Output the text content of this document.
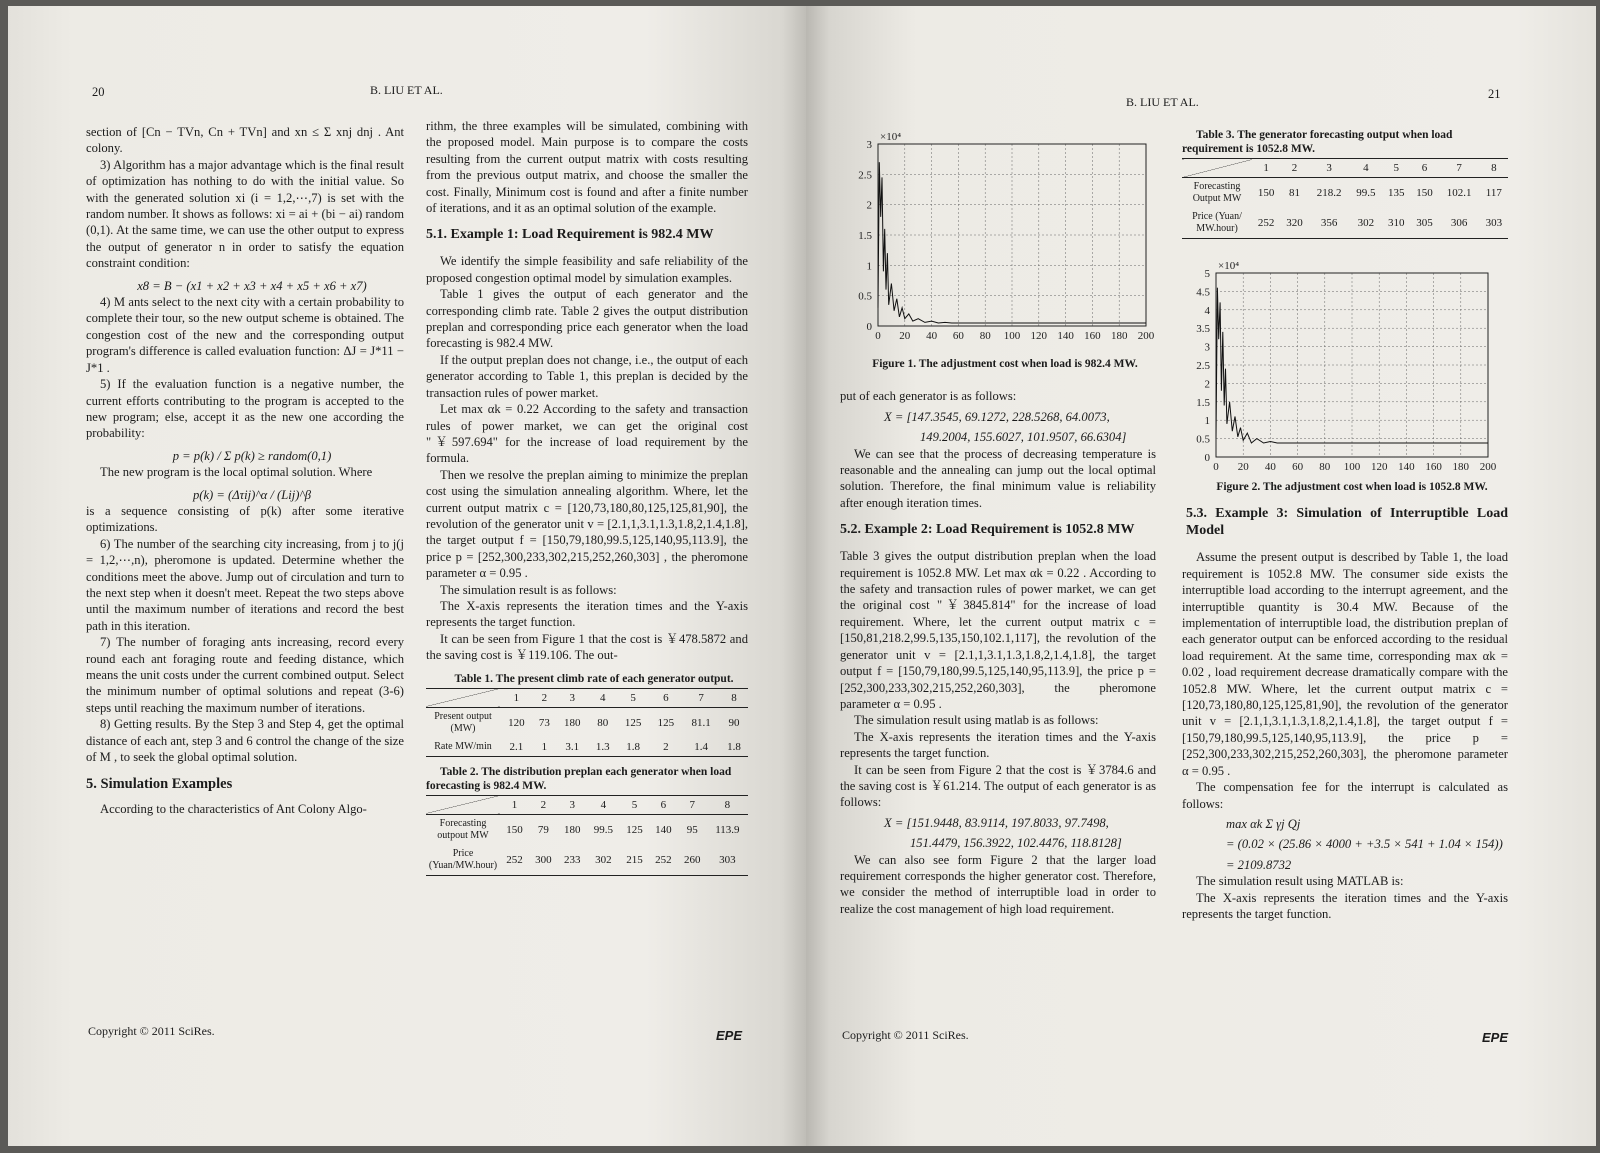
20	B. LIU ET AL.

section of [Cn − TVn, Cn + TVn] and xn ≤ Σ xnj dnj . Ant colony.

3) Algorithm has a major advantage which is the final result of optimization has nothing to do with the initial value. So with the generated solution xi (i = 1,2,⋯,7) is set with the random number. It shows as follows: xi = ai + (bi − ai) random (0,1). At the same time, we can use the other output to express the output of generator n in order to satisfy the equation constraint condition:

x8 = B − (x1 + x2 + x3 + x4 + x5 + x6 + x7)

4) M ants select to the next city with a certain probability to complete their tour, so the new output scheme is obtained. The congestion cost of the new and the corresponding output program's difference is called evaluation function: ΔJ = J*11 − J*1 .

5) If the evaluation function is a negative number, the current efforts contributing to the program is accepted to the new program; else, accept it as the new one according the probability:

p = p(k) / Σ p(k) ≥ random(0,1)

The new program is the local optimal solution. Where

p(k) = (Δτij)^α / (Lij)^β

is a sequence consisting of p(k) after some iterative optimizations.

6) The number of the searching city increasing, from j to j(j = 1,2,⋯,n), pheromone is updated. Determine whether the conditions meet the above. Jump out of circulation and turn to the next step when it doesn't meet. Repeat the two steps above until the maximum number of iterations and record the best path in this iteration.

7) The number of foraging ants increasing, record every round each ant foraging route and feeding distance, which means the unit costs under the current combined output. Select the minimum number of optimal solutions and repeat (3-6) steps until reaching the maximum number of iterations.

8) Getting results. By the Step 3 and Step 4, get the optimal distance of each ant, step 3 and 6 control the change of the size of M , to seek the global optimal solution.

5. Simulation Examples

According to the characteristics of Ant Colony Algo-

rithm, the three examples will be simulated, combining with the proposed model. Main purpose is to compare the costs resulting from the current output matrix with costs resulting from the previous output matrix, and choose the smaller the cost. Finally, Minimum cost is found and after a finite number of iterations, and it as an optimal solution of the example.

5.1. Example 1: Load Requirement is 982.4 MW

We identify the simple feasibility and safe reliability of the proposed congestion optimal model by simulation examples.

Table 1 gives the output of each generator and the corresponding climb rate. Table 2 gives the output distribution preplan and corresponding price each generator when the load forecasting is 982.4 MW.

If the output preplan does not change, i.e., the output of each generator according to Table 1, this preplan is decided by the transaction rules of power market.

Let max αk = 0.22 According to the safety and transaction rules of power market, we can get the original cost "￥597.694" for the increase of load requirement by the formula.

Then we resolve the preplan aiming to minimize the preplan cost using the simulation annealing algorithm. Where, let the current output matrix c = [120,73,180,80,125,125,81,90], the revolution of the generator unit v = [2.1,1,3.1,1.3,1.8,2,1.4,1.8], the target output f = [150,79,180,99.5,125,140,95,113.9], the price p = [252,300,233,302,215,252,260,303] , the pheromone parameter α = 0.95 .

The simulation result is as follows:

The X-axis represents the iteration times and the Y-axis represents the target function.

It can be seen from Figure 1 that the cost is ￥478.5872 and the saving cost is ￥119.106. The out-

Table 1. The present climb rate of each generator output.

	1	2	3	4	5	6	7	8
Present output (MW)	120	73	180	80	125	125	81.1	90
Rate MW/min	2.1	1	3.1	1.3	1.8	2	1.4	1.8

Table 2. The distribution preplan each generator when load forecasting is 982.4 MW.

	1	2	3	4	5	6	7	8
Forecasting outpout MW	150	79	180	99.5	125	140	95	113.9
Price (Yuan/MW.hour)	252	300	233	302	215	252	260	303
Copyright © 2011 SciRes.	EPE
B. LIU ET AL.
21
0 20 40 60 80 100 120 140 160 180 200
0
0.5
1
1.5
2
2.5
3
×10⁴

Figure 1. The adjustment cost when load is 982.4 MW.

put of each generator is as follows:

X = [147.3545, 69.1272, 228.5268, 64.0073,

149.2004, 155.6027, 101.9507, 66.6304]

We can see that the process of decreasing temperature is reasonable and the annealing can jump out the local optimal solution. Therefore, the final minimum value is reliability after enough iteration times.

5.2. Example 2: Load Requirement is 1052.8 MW

Table 3 gives the output distribution preplan when the load requirement is 1052.8 MW. Let max αk = 0.22 . According to the safety and transaction rules of power market, we can get the original cost "￥3845.814" for the increase of load requirement. Where, let the current output matrix c = [150,81,218.2,99.5,135,150,102.1,117], the revolution of the generator unit v = [2.1,1,3.1,1.3,1.8,2,1.4,1.8], the target output f = [150,79,180,99.5,125,140,95,113.9], the price p = [252,300,233,302,215,252,260,303], the pheromone parameter α = 0.95 .

The simulation result using matlab is as follows:

The X-axis represents the iteration times and the Y-axis represents the target function.

It can be seen from Figure 2 that the cost is ￥3784.6 and the saving cost is ￥61.214. The output of each generator is as follows:

X = [151.9448, 83.9114, 197.8033, 97.7498,

151.4479, 156.3922, 102.4476, 118.8128]

We can also see form Figure 2 that the larger load requirement corresponds the higher generator cost. Therefore, we consider the method of interruptible load in order to realize the cost management of high load requirement.

Table 3. The generator forecasting output when load requirement is 1052.8 MW.

	1	2	3	4	5	6	7	8
Forecasting Output MW	150	81	218.2	99.5	135	150	102.1	117
Price (Yuan/ MW.hour)	252	320	356	302	310	305	306	303
0 20 40 60 80 100 120 140 160 180 200
0
0.5
1
1.5
2
2.5
3
3.5
4
4.5
5
×10⁴

Figure 2. The adjustment cost when load is 1052.8 MW.

5.3. Example 3: Simulation of Interruptible Load Model

Assume the present output is described by Table 1, the load requirement is 1052.8 MW. The consumer side exists the interruptible load according to the interrupt agreement, and the interruptible quantity is 30.4 MW. Because of the implementation of interruptible load, the distribution preplan of each generator output can be enforced according to the residual load requirement. At the same time, corresponding max αk = 0.02 , load requirement decrease dramatically compare with the 1052.8 MW. Where, let the current output matrix c = [120,73,180,80,125,125,81,90], the revolution of the generator unit v = [2.1,1,3.1,1.3,1.8,2,1.4,1.8], the target output f = [150,79,180,99.5,125,140,95,113.9], the price p = [252,300,233,302,215,252,260,303], the pheromone parameter α = 0.95 .

The compensation fee for the interrupt is calculated as follows:

max αk Σ γj Qj

= (0.02 × (25.86 × 4000 + +3.5 × 541 + 1.04 × 154))

= 2109.8732

The simulation result using MATLAB is:

The X-axis represents the iteration times and the Y-axis represents the target function.

Copyright © 2011 SciRes.	EPE
